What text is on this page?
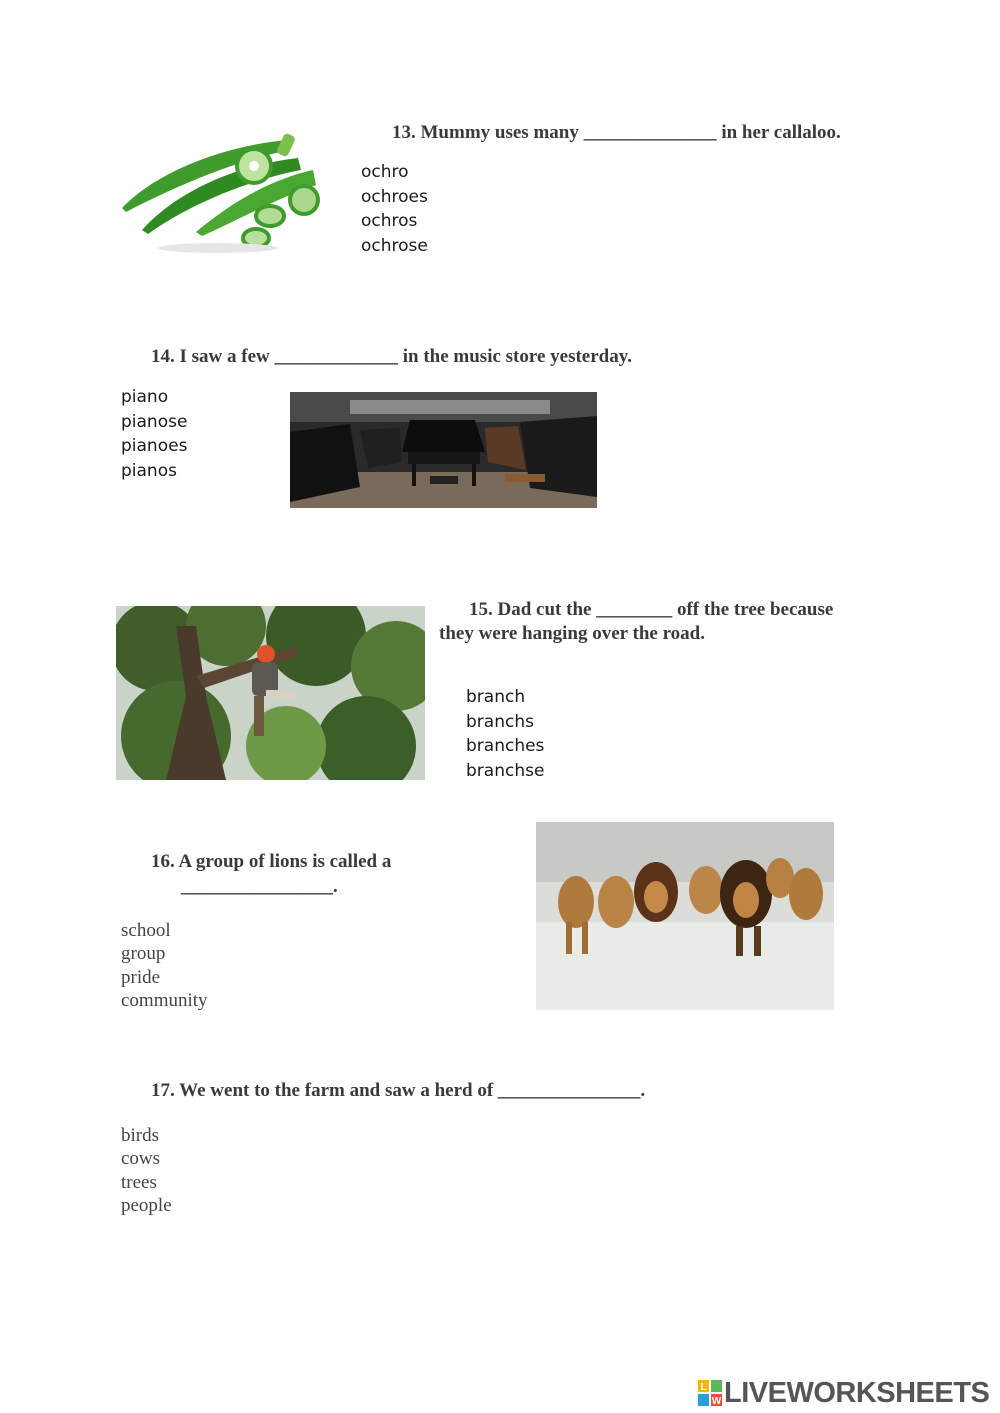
13. Mummy uses many ______________ in her callaloo.
ochro
ochroes
ochros
ochrose
14. I saw a few _____________ in the music store yesterday.
piano
pianose
pianoes
pianos
15. Dad cut the ________ off the tree because
they were hanging over the road.
branch
branchs
branches
branchse
16. A group of lions is called a
________________.
school
group
pride
community
17. We went to the farm and saw a herd of _______________.
birds
cows
trees
people
L
W LIVEWORKSHEETS
